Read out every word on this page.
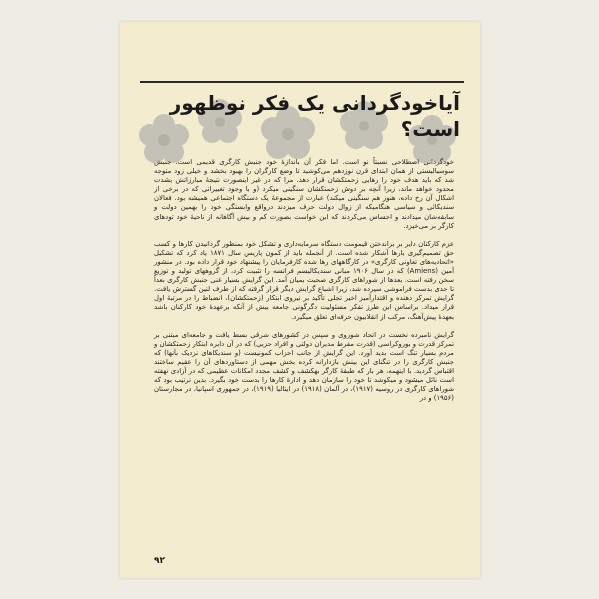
آیاخودگردانی یک فکر نوظهور
است؟

خودگردانی اصطلاحی نسبتاً نو است. اما فکر آن باندازهٔ خود جنبش کارگری قدیمی است. جنبش سوسیالیستی از همان ابتدای قرن نوزدهم می‌کوشید تا وضع کارگران را بهبود بخشد و خیلی زود متوجه شد که باید هدف خود را رهایی زحمتکشان قرار دهد. مرا که در غیر اینصورت نتیجهٔ مبارزاتش بشدت محدود خواهد ماند، زیرا آنچه بر دوش زحمتکشان سنگینی میکرد (و با وجود تغییراتی که در برخی از اشکال آن رخ داده، هنوز هم سنگینی میکند) عبارت از مجموعهٔ یک دستگاه اجتماعی همیشه بود. فعالان سندیکائی و سیاسی هنگامیکه از زوال دولت حرف میزدند درواقع وابستگی خود را بهمین دولت و سابقه‌شان میدادند و احساس می‌کردند که این خواست بصورت کم و بیش آگاهانه از ناحیهٔ خود تودهای کارگر بر می‌خیزد.

عزم کارکنان دایر بر براندختن قیمومت دستگاه سرمایه‌داری و تشکل خود بمنظور گردانیدن کارها و کسب حق تصمیم‌گیری بارها آشکار شده است. از آنجمله باید از کمون پاریس سال ۱۸۷۱ یاد کرد که تشکیل «اتحادیه‌های تعاونی کارگری» در کارگاههای رها شده کارفرمایان را پیشنهاد خود قرار داده بود. در منشور آمین (Amiens) که در سال ۱۹۰۶ مبانی سندیکالیسم فرانسه را تثبیت کرد، از گروههای تولید و توزیع سخن رفته است. بعدها از شوراهای کارگری صحبت بمیان آمد. این گرایش بسیار غنی جنبش کارگری بعداً تا حدی بدست فراموشی سپرده شد، زیرا اشباع گرایش دیگر قرار گرفته که از طرف لنین گسترش یافت. گرایش تمرکز دهنده و اقتدارآمیز اخیر تجلی تأکید بر نیروی ابتکار (زحمتکشان)، انضباط را در مرتبهٔ اول قرار میداد. براساس این طرز تفکر مسئولیت دگرگونی جامعه بیش از آنکه برعهدهٔ خود کارکنان باشد بعهدهٔ پیش‌آهنگ، مرکب از انقلابیون حرفه‌ای تعلق میگیرد.

گرایش نامبرده نخست در اتحاد شوروی و سپس در کشورهای شرقی بسط یافت و جامعه‌ای مبتنی بر تمرکز قدرت و بوروکراسی (قدرت مفرط مدیران دولتی و افراد حزبی) که در آن دایره ابتکار زحمتکشان و مردم بسیار تنگ است بدید آورد. این گرایش از جانب احزاب کمونیست (و سندیکاهای نزدیک بآنها) که جنبش کارگری را در تنگنای این بینش بازدارانه کرده بخش مهمی از دستاوردهای آن را عقیم ساختند اقتباس گردید. با اینهمه، هر بار که طبقهٔ کارگر بهکشف و کشف مجدد امکانات عظیمی که در آزادی نهفته است نائل میشود و میکوشد تا خود را سازمان دهد و ادارهٔ کارها را بدست خود بگیرد. بدین ترتیب بود که شوراهای کارگری در روسیه (۱۹۱۷)، در آلمان (۱۹۱۸) در ایتالیا (۱۹۱۹)، در جمهوری اسپانیا، در مجارستان (۱۹۵۶) و در

۹۲
